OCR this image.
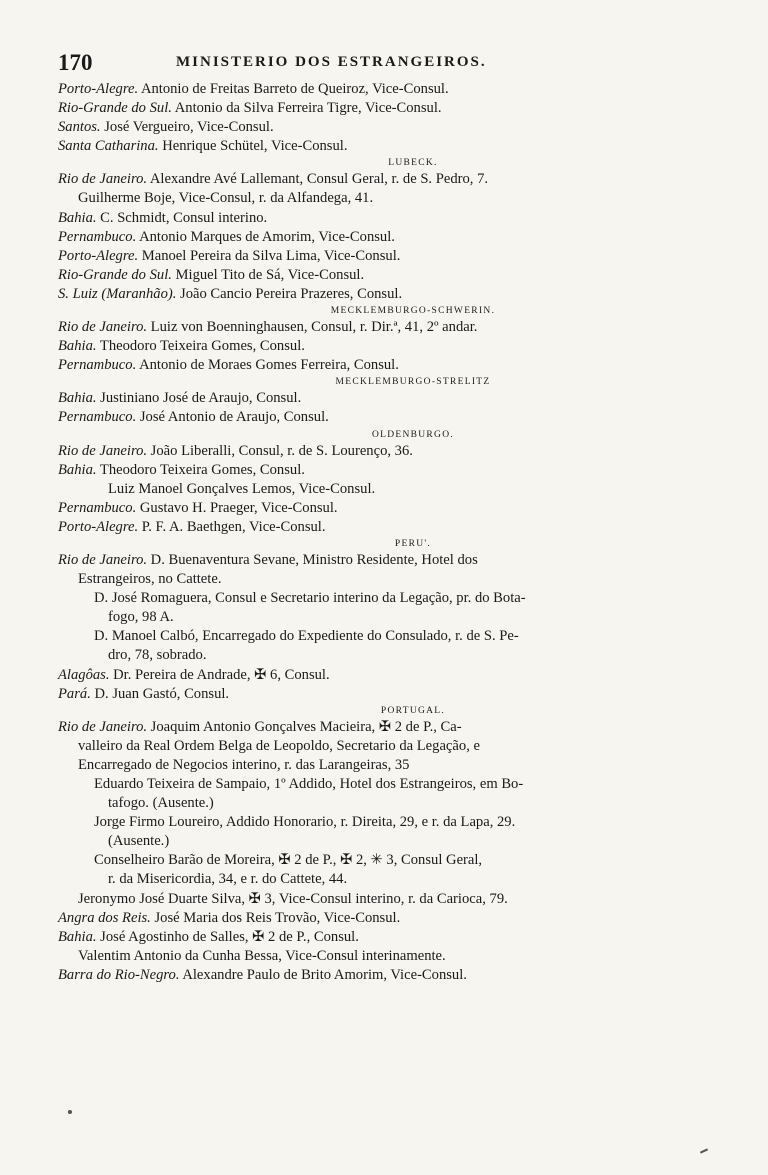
170	MINISTERIO DOS ESTRANGEIROS.
Porto-Alegre. Antonio de Freitas Barreto de Queiroz, Vice-Consul.
Rio-Grande do Sul. Antonio da Silva Ferreira Tigre, Vice-Consul.
Santos. José Vergueiro, Vice-Consul.
Santa Catharina. Henrique Schütel, Vice-Consul.
LUBECK.
Rio de Janeiro. Alexandre Avé Lallemant, Consul Geral, r. de S. Pedro, 7.
Guilherme Boje, Vice-Consul, r. da Alfandega, 41.
Bahia. C. Schmidt, Consul interino.
Pernambuco. Antonio Marques de Amorim, Vice-Consul.
Porto-Alegre. Manoel Pereira da Silva Lima, Vice-Consul.
Rio-Grande do Sul. Miguel Tito de Sá, Vice-Consul.
S. Luiz (Maranhão). João Cancio Pereira Prazeres, Consul.
MECKLEMBURGO-SCHWERIN.
Rio de Janeiro. Luiz von Boenninghausen, Consul, r. Dir.ª, 41, 2º andar.
Bahia. Theodoro Teixeira Gomes, Consul.
Pernambuco. Antonio de Moraes Gomes Ferreira, Consul.
MECKLEMBURGO-STRELITZ
Bahia. Justiniano José de Araujo, Consul.
Pernambuco. José Antonio de Araujo, Consul.
OLDENBURGO.
Rio de Janeiro. João Liberalli, Consul, r. de S. Lourenço, 36.
Bahia. Theodoro Teixeira Gomes, Consul.
Luiz Manoel Gonçalves Lemos, Vice-Consul.
Pernambuco. Gustavo H. Praeger, Vice-Consul.
Porto-Alegre. P. F. A. Baethgen, Vice-Consul.
PERU'.
Rio de Janeiro. D. Buenaventura Sevane, Ministro Residente, Hotel dos
Estrangeiros, no Cattete.
D. José Romaguera, Consul e Secretario interino da Legação, pr. do Bota-
fogo, 98 A.
D. Manoel Calbó, Encarregado do Expediente do Consulado, r. de S. Pe-
dro, 78, sobrado.
Alagôas. Dr. Pereira de Andrade, ✠ 6, Consul.
Pará. D. Juan Gastó, Consul.
PORTUGAL.
Rio de Janeiro. Joaquim Antonio Gonçalves Macieira, ✠ 2 de P., Ca-
valleiro da Real Ordem Belga de Leopoldo, Secretario da Legação, e
Encarregado de Negocios interino, r. das Larangeiras, 35
Eduardo Teixeira de Sampaio, 1º Addido, Hotel dos Estrangeiros, em Bo-
tafogo. (Ausente.)
Jorge Firmo Loureiro, Addido Honorario, r. Direita, 29, e r. da Lapa, 29.
(Ausente.)
Conselheiro Barão de Moreira, ✠ 2 de P., ✠ 2, ✳ 3, Consul Geral,
r. da Misericordia, 34, e r. do Cattete, 44.
Jeronymo José Duarte Silva, ✠ 3, Vice-Consul interino, r. da Carioca, 79.
Angra dos Reis. José Maria dos Reis Trovão, Vice-Consul.
Bahia. José Agostinho de Salles, ✠ 2 de P., Consul.
Valentim Antonio da Cunha Bessa, Vice-Consul interinamente.
Barra do Rio-Negro. Alexandre Paulo de Brito Amorim, Vice-Consul.
